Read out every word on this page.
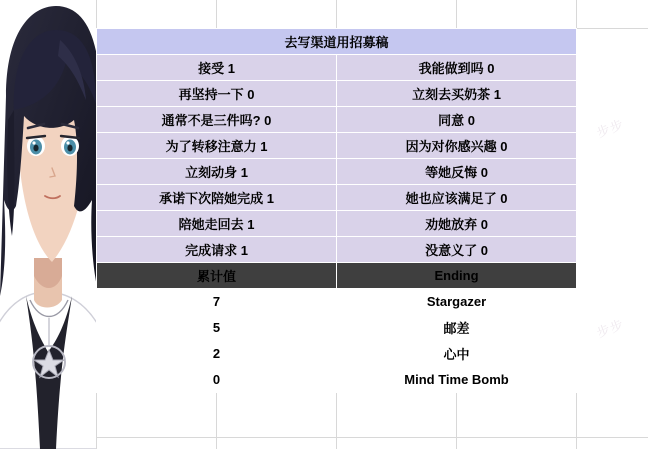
步步
步步
去写渠道用招募稿	
接受 1	我能做到吗 0
再坚持一下 0	立刻去买奶茶 1
通常不是三件吗? 0	同意 0
为了转移注意力 1	因为对你感兴趣 0
立刻动身 1	等她反悔 0
承诺下次陪她完成 1	她也应该满足了 0
陪她走回去 1	劝她放弃 0
完成请求 1	没意义了 0
累计值	Ending
7	Stargazer
5	邮差
2	心中
0	Mind Time Bomb
